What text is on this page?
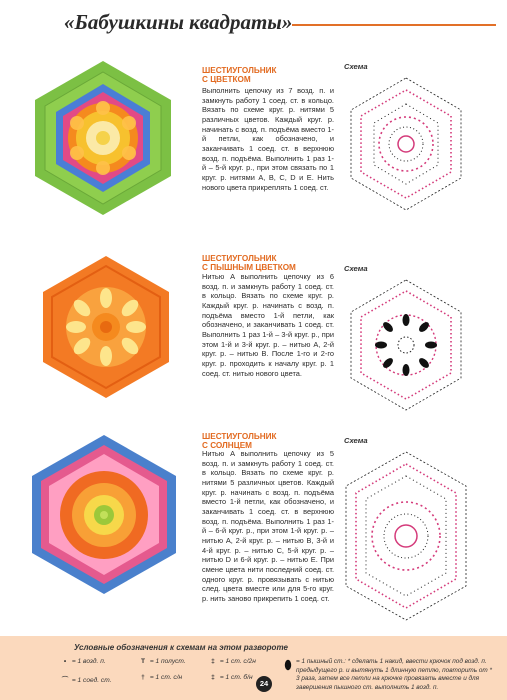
«Бабушкины квадраты»
ШЕСТИУГОЛЬНИК
С ЦВЕТКОМ
Выполнить цепочку из 7 возд. п. и замкнуть работу 1 соед. ст. в кольцо. Вязать по схеме круг. р. нитями 5 различных цветов. Каждый круг. р. начинать с возд. п. подъёма вместо 1-й петли, как обозначено, и заканчивать 1 соед. ст. в верхнюю возд. п. подъёма. Выполнить 1 раз 1-й – 5-й круг. р., при этом связать по 1 круг. р. нитями A, B, C, D и E. Нить нового цвета прикреплять 1 соед. ст.
Схема
ШЕСТИУГОЛЬНИК
С ПЫШНЫМ ЦВЕТКОМ
Нитью A выполнить цепочку из 6 возд. п. и замкнуть работу 1 соед. ст. в кольцо. Вязать по схеме круг. р. Каждый круг. р. начинать с возд. п. подъёма вместо 1-й петли, как обозначено, и заканчивать 1 соед. ст. Выполнить 1 раз 1-й – 3-й круг. р., при этом 1-й и 3-й круг. р. – нитью A, 2-й круг. р. – нитью B. После 1-го и 2-го круг. р. проходить к началу круг. р. 1 соед. ст. нитью нового цвета.
Схема
ШЕСТИУГОЛЬНИК
С СОЛНЦЕМ
Нитью A выполнить цепочку из 5 возд. п. и замкнуть работу 1 соед. ст. в кольцо. Вязать по схеме круг. р. нитями 5 различных цветов. Каждый круг. р. начинать с возд. п. подъёма вместо 1-й петли, как обозначено, и заканчивать 1 соед. ст. в верхнюю возд. п. подъёма. Выполнить 1 раз 1-й – 6-й круг. р., при этом 1-й круг. р. – нитью A, 2-й круг. р. – нитью B, 3-й и 4-й круг. р. – нитью C, 5-й круг. р. – нитью D и 6-й круг. р. – нитью E. При смене цвета нити последний соед. ст. одного круг. р. провязывать с нитью след. цвета вместе или для 5-го круг. р. нить заново прикрепить 1 соед. ст.
Схема
Условные обозначения к схемам на этом развороте
• = 1 возд. п.
⌒ = 1 соед. ст.
T = 1 полуст.
† = 1 ст. с/н
‡ = 1 ст. с/2н
‡ = 1 ст. б/н
= 1 пышный ст.: * сделать 1 накид, ввести крючок под возд. п. предыдущего р. и вытянуть 1 длинную петлю, повторить от * 3 раза, затем все петли на крючке провязать вместе и для завершения пышного ст. выполнить 1 возд. п.
24
